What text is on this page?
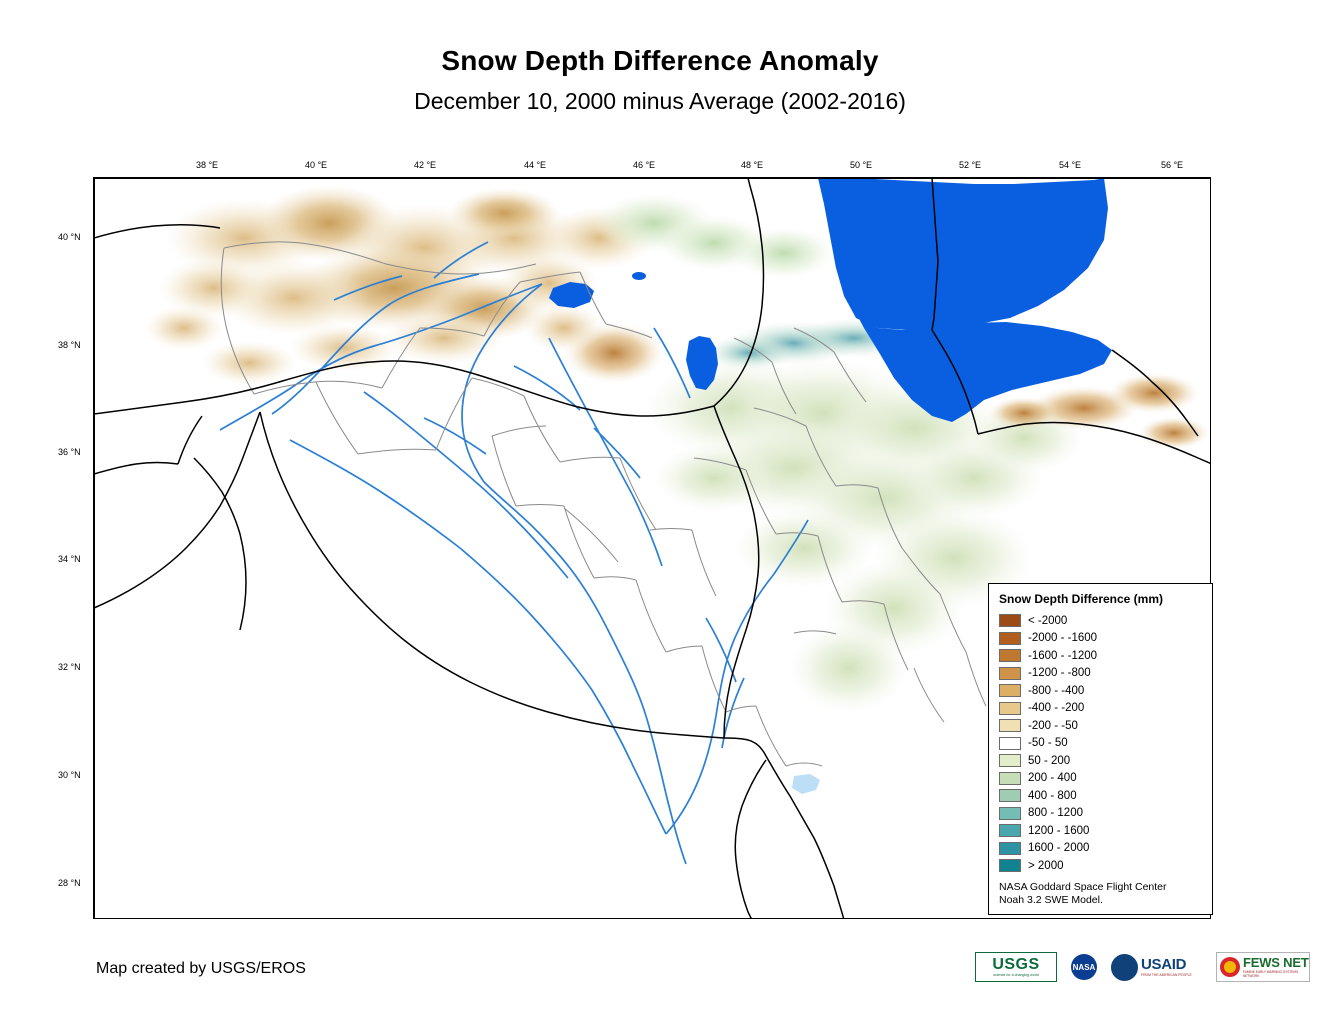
Snow Depth Difference Anomaly
December 10, 2000 minus Average (2002-2016)
38 °E	40 °E	42 °E	44 °E	46 °E	48 °E	50 °E	52 °E	54 °E	56 °E
40 °N
38 °N
36 °N
34 °N
32 °N
30 °N
28 °N
Snow Depth Difference (mm)
< -2000
-2000 - -1600
-1600 - -1200
-1200 - -800
-800 - -400
-400 - -200
-200 - -50
-50 - 50
50 - 200
200 - 400
400 - 800
800 - 1200
1200 - 1600
1600 - 2000
> 2000
NASA Goddard Space Flight Center
Noah 3.2 SWE Model.
Map created by USGS/EROS	USGS
science for a changing world
NASA	USAID
FROM THE AMERICAN PEOPLE
FEWS NET
FAMINE EARLY WARNING SYSTEMS NETWORK
